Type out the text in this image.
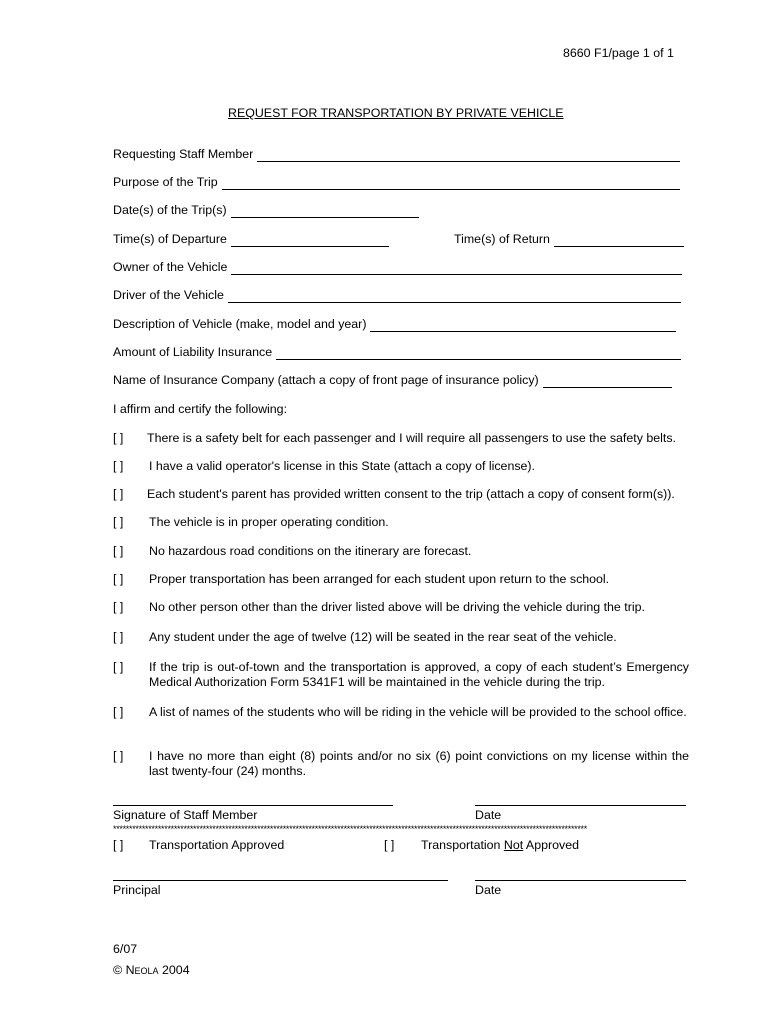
8660 F1/page 1 of 1
REQUEST FOR TRANSPORTATION BY PRIVATE VEHICLE
Requesting Staff Member
Purpose of the Trip
Date(s) of the Trip(s)
Time(s) of Departure	Time(s) of Return
Owner of the Vehicle
Driver of the Vehicle
Description of Vehicle (make, model and year)
Amount of Liability Insurance
Name of Insurance Company (attach a copy of front page of insurance policy)
I affirm and certify the following:
[ ] There is a safety belt for each passenger and I will require all passengers to use the safety belts.
[ ] I have a valid operator's license in this State (attach a copy of license).
[ ] Each student's parent has provided written consent to the trip (attach a copy of consent form(s)).
[ ] The vehicle is in proper operating condition.
[ ] No hazardous road conditions on the itinerary are forecast.
[ ] Proper transportation has been arranged for each student upon return to the school.
[ ] No other person other than the driver listed above will be driving the vehicle during the trip.
[ ] Any student under the age of twelve (12) will be seated in the rear seat of the vehicle.
[ ] If the trip is out-of-town and the transportation is approved, a copy of each student’s Emergency Medical Authorization Form 5341F1 will be maintained in the vehicle during the trip.
[ ] A list of names of the students who will be riding in the vehicle will be provided to the school office.
[ ] I have no more than eight (8) points and/or no six (6) point convictions on my license within the last twenty-four (24) months.
Signature of Staff Member	Date
****************************************************************************************************************************************************
[ ] Transportation Approved	[ ] Transportation Not Approved
Principal	Date
6/07
© Neola 2004
